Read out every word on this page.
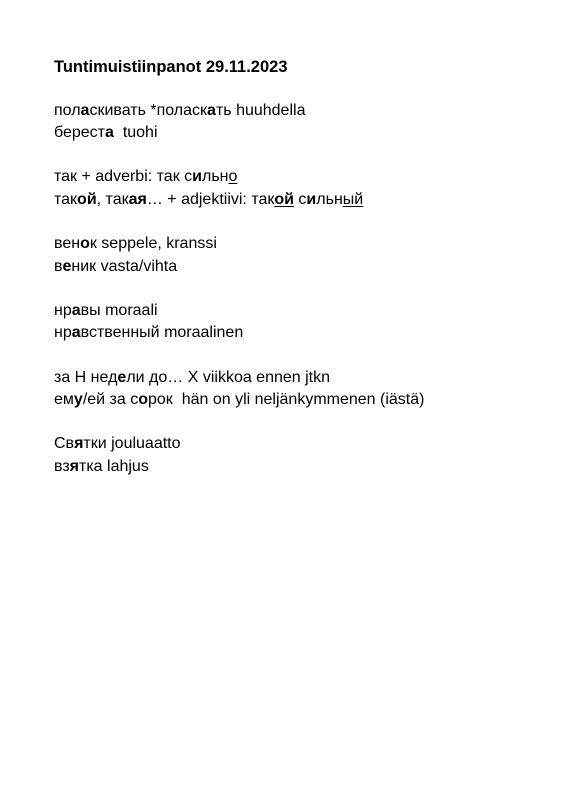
Tuntimuistiinpanot 29.11.2023
поласкивать *полаcкать huuhdella
береста  tuohi
так + adverbi: так сильно
такой, такая… + adjektiivi: такой сильный
венок seppele, kranssi
веник vasta/vihta
нравы moraali
нравственный moraalinen
за Н недели до… X viikkoa ennen jtkn
ему/ей за сорок  hän on yli neljänkymmenen (iästä)
Святки jouluaatto
взятка lahjus
